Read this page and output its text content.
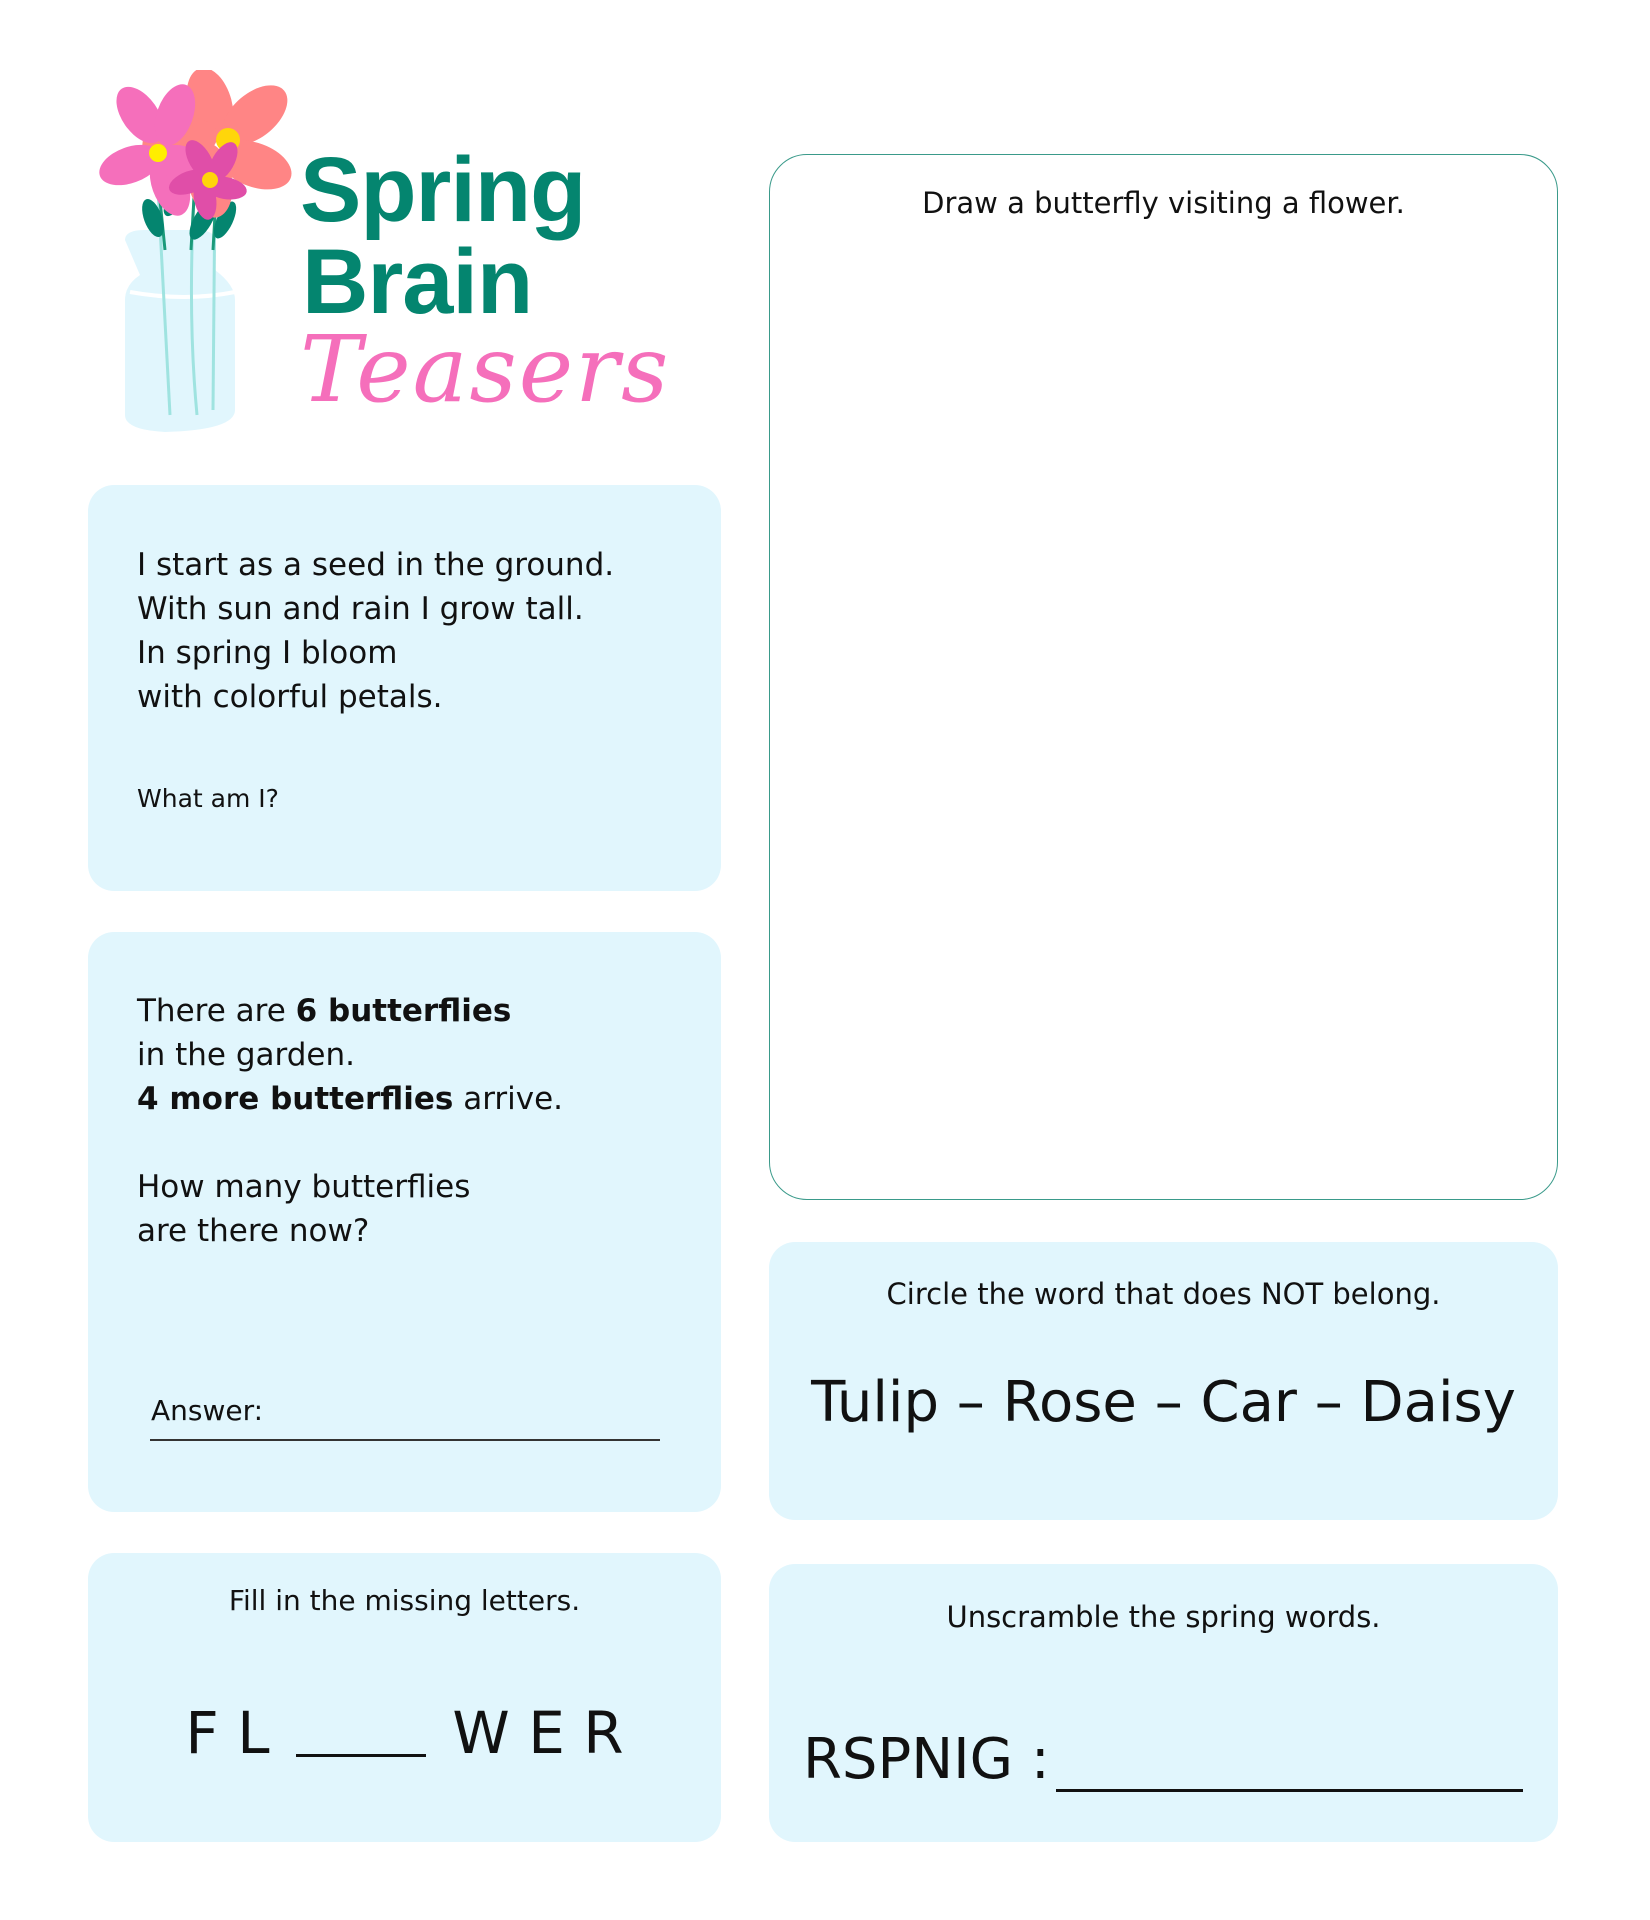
Spring
Brain
Teasers
I start as a seed in the ground.
With sun and rain I grow tall.
In spring I bloom
with colorful petals.
What am I?
There are 6 butterflies
in the garden.
4 more butterflies arrive.
How many butterflies
are there now?
Answer:
Fill in the missing letters.
F L	W E R
Draw a butterfly visiting a flower.
Circle the word that does NOT belong.
Tulip – Rose – Car – Daisy
Unscramble the spring words.
RSPNIG :
